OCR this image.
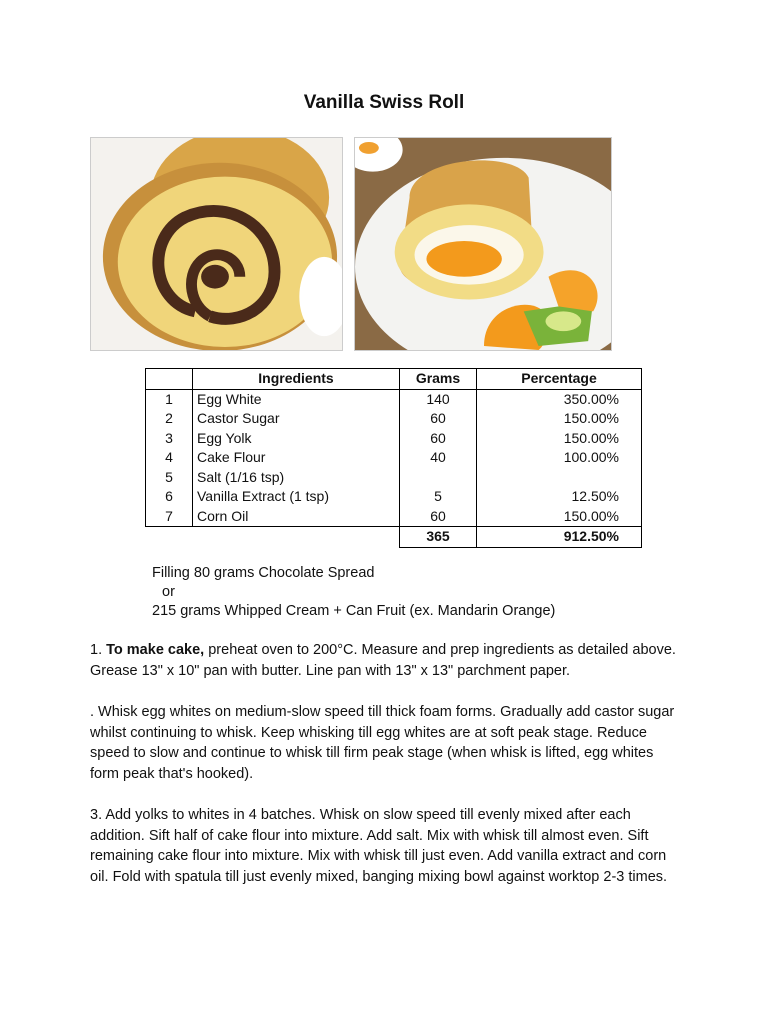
Vanilla Swiss Roll
	Ingredients	Grams	Percentage
1	Egg White	140	350.00%
2	Castor Sugar	60	150.00%
3	Egg Yolk	60	150.00%
4	Cake Flour	40	100.00%
5	Salt (1/16 tsp)		
6	Vanilla Extract (1 tsp)	5	12.50%
7	Corn Oil	60	150.00%
		365	912.50%
Filling 80 grams Chocolate Spread
or
215 grams Whipped Cream + Can Fruit (ex. Mandarin Orange)
1. To make cake, preheat oven to 200°C. Measure and prep ingredients as detailed above. Grease 13" x 10" pan with butter. Line pan with 13" x 13" parchment paper.
. Whisk egg whites on medium-slow speed till thick foam forms. Gradually add castor sugar whilst continuing to whisk. Keep whisking till egg whites are at soft peak stage. Reduce speed to slow and continue to whisk till firm peak stage (when whisk is lifted, egg whites form peak that's hooked).
3. Add yolks to whites in 4 batches. Whisk on slow speed till evenly mixed after each addition. Sift half of cake flour into mixture. Add salt. Mix with whisk till almost even. Sift remaining cake flour into mixture. Mix with whisk till just even. Add vanilla extract and corn oil. Fold with spatula till just evenly mixed, banging mixing bowl against worktop 2-3 times.
